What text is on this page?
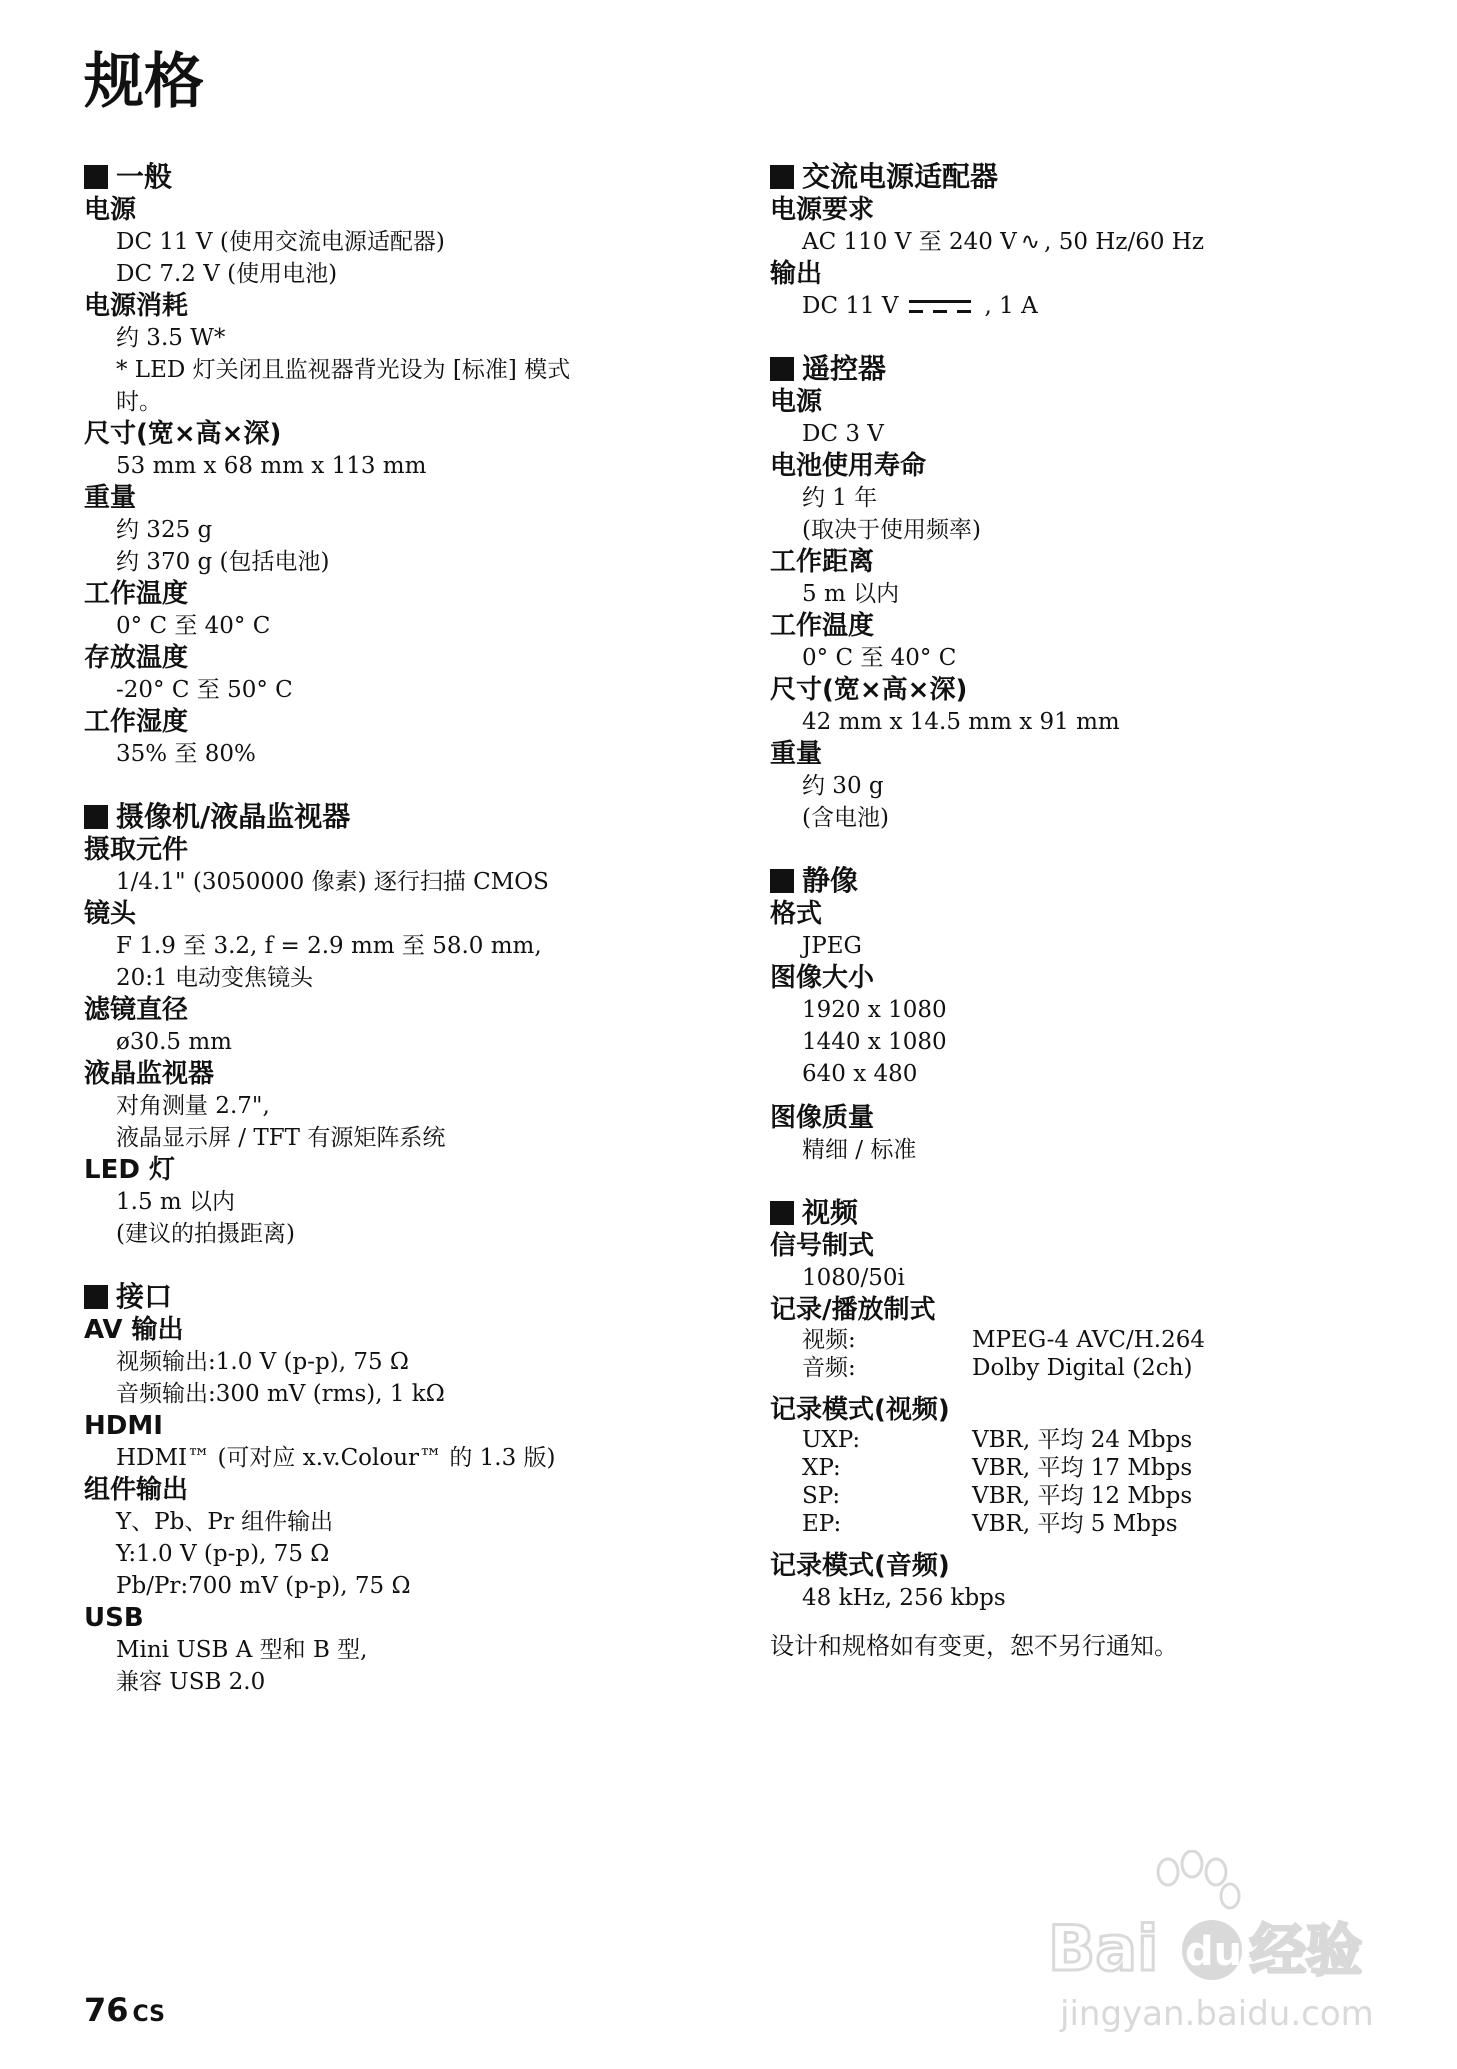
规格
一般
电源
DC 11 V (使用交流电源适配器)
DC 7.2 V (使用电池)
电源消耗
约 3.5 W*
* LED 灯关闭且监视器背光设为 [标准] 模式
时。
尺寸(宽×高×深)
53 mm x 68 mm x 113 mm
重量
约 325 g
约 370 g (包括电池)
工作温度
0° C 至 40° C
存放温度
-20° C 至 50° C
工作湿度
35% 至 80%
摄像机/液晶监视器
摄取元件
1/4.1" (3050000 像素) 逐行扫描 CMOS
镜头
F 1.9 至 3.2, f = 2.9 mm 至 58.0 mm,
20:1 电动变焦镜头
滤镜直径
ø30.5 mm
液晶监视器
对角测量 2.7",
液晶显示屏 / TFT 有源矩阵系统
LED 灯
1.5 m 以内
(建议的拍摄距离)
接口
AV 输出
视频输出:1.0 V (p-p), 75 Ω
音频输出:300 mV (rms), 1 kΩ
HDMI
HDMI™ (可对应 x.v.Colour™ 的 1.3 版)
组件输出
Y、Pb、Pr 组件输出
Y:1.0 V (p-p), 75 Ω
Pb/Pr:700 mV (p-p), 75 Ω
USB
Mini USB A 型和 B 型,
兼容 USB 2.0
交流电源适配器
电源要求
AC 110 V 至 240 V ∿ , 50 Hz/60 Hz
输出
DC 11 V	, 1 A
遥控器
电源
DC 3 V
电池使用寿命
约 1 年
(取决于使用频率)
工作距离
5 m 以内
工作温度
0° C 至 40° C
尺寸(宽×高×深)
42 mm x 14.5 mm x 91 mm
重量
约 30 g
(含电池)
静像
格式
JPEG
图像大小
1920 x 1080
1440 x 1080
640 x 480
图像质量
精细 / 标准
视频
信号制式
1080/50i
记录/播放制式
视频:	MPEG-4 AVC/H.264
音频:	Dolby Digital (2ch)
记录模式(视频)
UXP:	VBR, 平均 24 Mbps
XP:	VBR, 平均 17 Mbps
SP:	VBR, 平均 12 Mbps
EP:	VBR, 平均 5 Mbps
记录模式(音频)
48 kHz, 256 kbps
设计和规格如有变更，恕不另行通知。
76 CS
Bai du 经验
jingyan.baidu.com
